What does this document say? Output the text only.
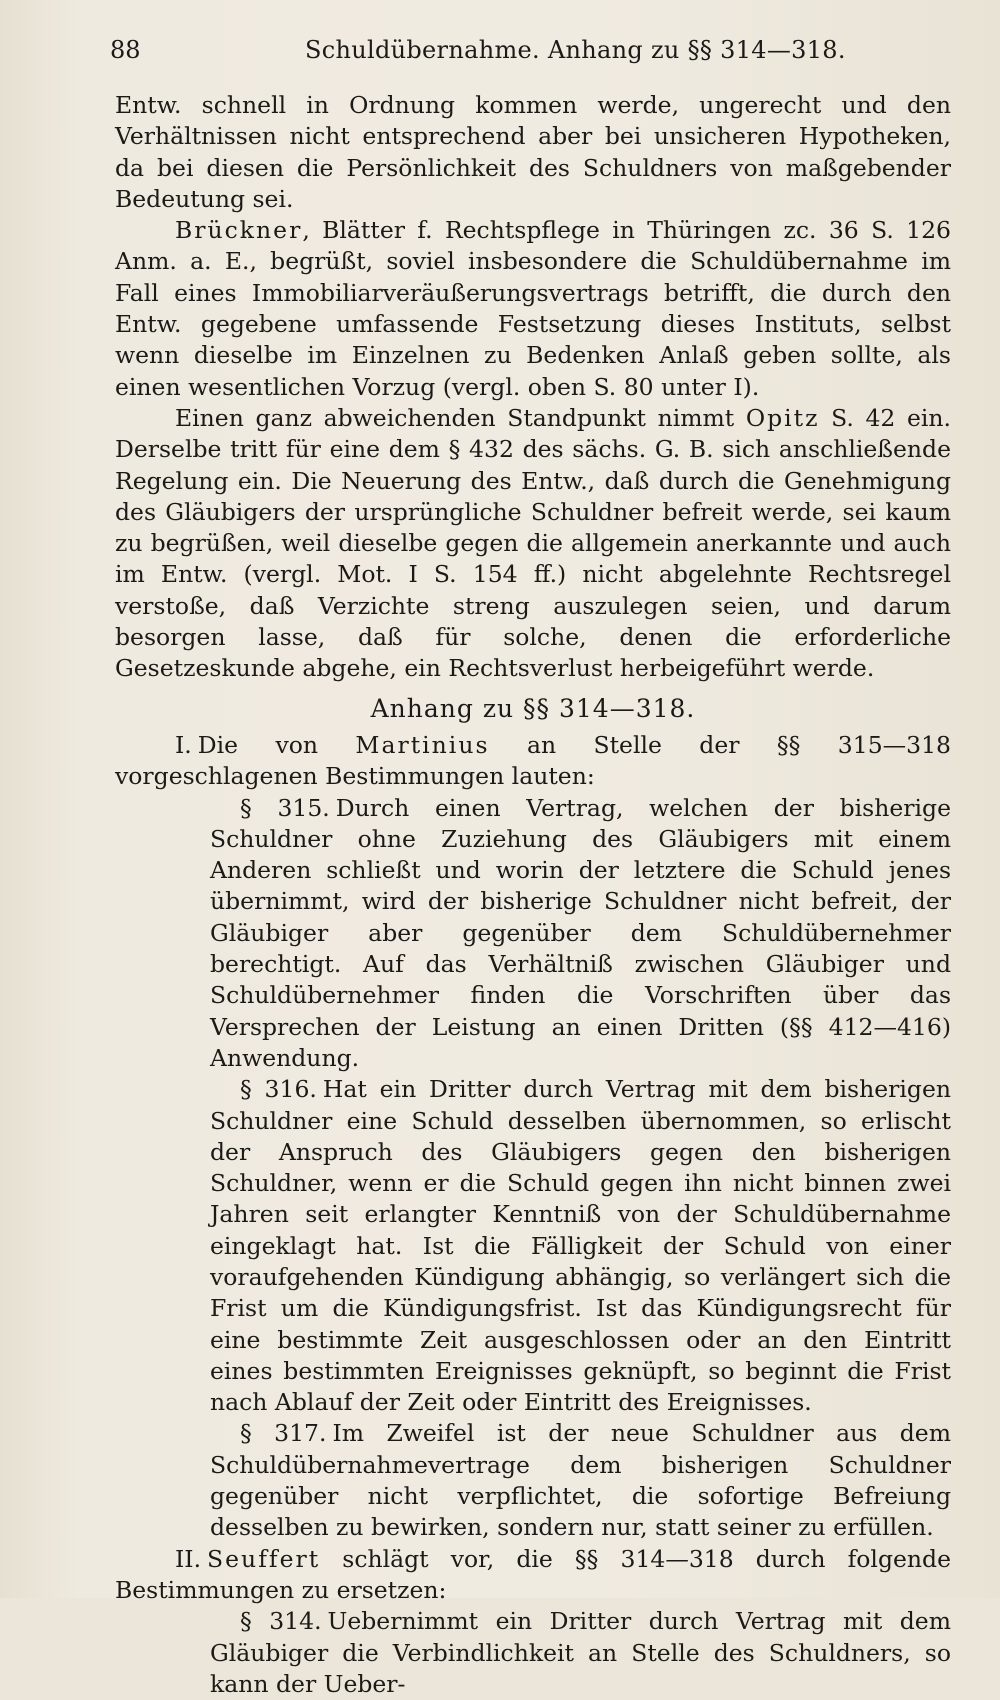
88	Schuldübernahme. Anhang zu §§ 314—318.

Entw. schnell in Ordnung kommen werde, ungerecht und den Verhältnissen nicht entsprechend aber bei unsicheren Hypotheken, da bei diesen die Persönlichkeit des Schuldners von maßgebender Bedeutung sei.

Brückner, Blätter f. Rechtspflege in Thüringen zc. 36 S. 126 Anm. a. E., begrüßt, soviel insbesondere die Schuldübernahme im Fall eines Immobiliarveräußerungsvertrags betrifft, die durch den Entw. gegebene umfassende Festsetzung dieses Instituts, selbst wenn dieselbe im Einzelnen zu Bedenken Anlaß geben sollte, als einen wesentlichen Vorzug (vergl. oben S. 80 unter I).

Einen ganz abweichenden Standpunkt nimmt Opitz S. 42 ein. Derselbe tritt für eine dem § 432 des sächs. G. B. sich anschließende Regelung ein. Die Neuerung des Entw., daß durch die Genehmigung des Gläubigers der ursprüngliche Schuldner befreit werde, sei kaum zu begrüßen, weil dieselbe gegen die allgemein anerkannte und auch im Entw. (vergl. Mot. I S. 154 ff.) nicht abgelehnte Rechtsregel verstoße, daß Verzichte streng auszulegen seien, und darum besorgen lasse, daß für solche, denen die erforderliche Gesetzeskunde abgehe, ein Rechtsverlust herbeigeführt werde.

Anhang zu §§ 314—318.

I. Die von Martinius an Stelle der §§ 315—318 vorgeschlagenen Bestimmungen lauten:

§ 315. Durch einen Vertrag, welchen der bisherige Schuldner ohne Zuziehung des Gläubigers mit einem Anderen schließt und worin der letztere die Schuld jenes übernimmt, wird der bisherige Schuldner nicht befreit, der Gläubiger aber gegenüber dem Schuldübernehmer berechtigt. Auf das Verhältniß zwischen Gläubiger und Schuldübernehmer finden die Vorschriften über das Versprechen der Leistung an einen Dritten (§§ 412—416) Anwendung.

§ 316. Hat ein Dritter durch Vertrag mit dem bisherigen Schuldner eine Schuld desselben übernommen, so erlischt der Anspruch des Gläubigers gegen den bisherigen Schuldner, wenn er die Schuld gegen ihn nicht binnen zwei Jahren seit erlangter Kenntniß von der Schuldübernahme eingeklagt hat. Ist die Fälligkeit der Schuld von einer voraufgehenden Kündigung abhängig, so verlängert sich die Frist um die Kündigungsfrist. Ist das Kündigungsrecht für eine bestimmte Zeit ausgeschlossen oder an den Eintritt eines bestimmten Ereignisses geknüpft, so beginnt die Frist nach Ablauf der Zeit oder Eintritt des Ereignisses.

§ 317. Im Zweifel ist der neue Schuldner aus dem Schuldübernahmevertrage dem bisherigen Schuldner gegenüber nicht verpflichtet, die sofortige Befreiung desselben zu bewirken, sondern nur, statt seiner zu erfüllen.

II. Seuffert schlägt vor, die §§ 314—318 durch folgende Bestimmungen zu ersetzen:

§ 314. Uebernimmt ein Dritter durch Vertrag mit dem Gläubiger die Verbindlichkeit an Stelle des Schuldners, so kann der Ueber-
